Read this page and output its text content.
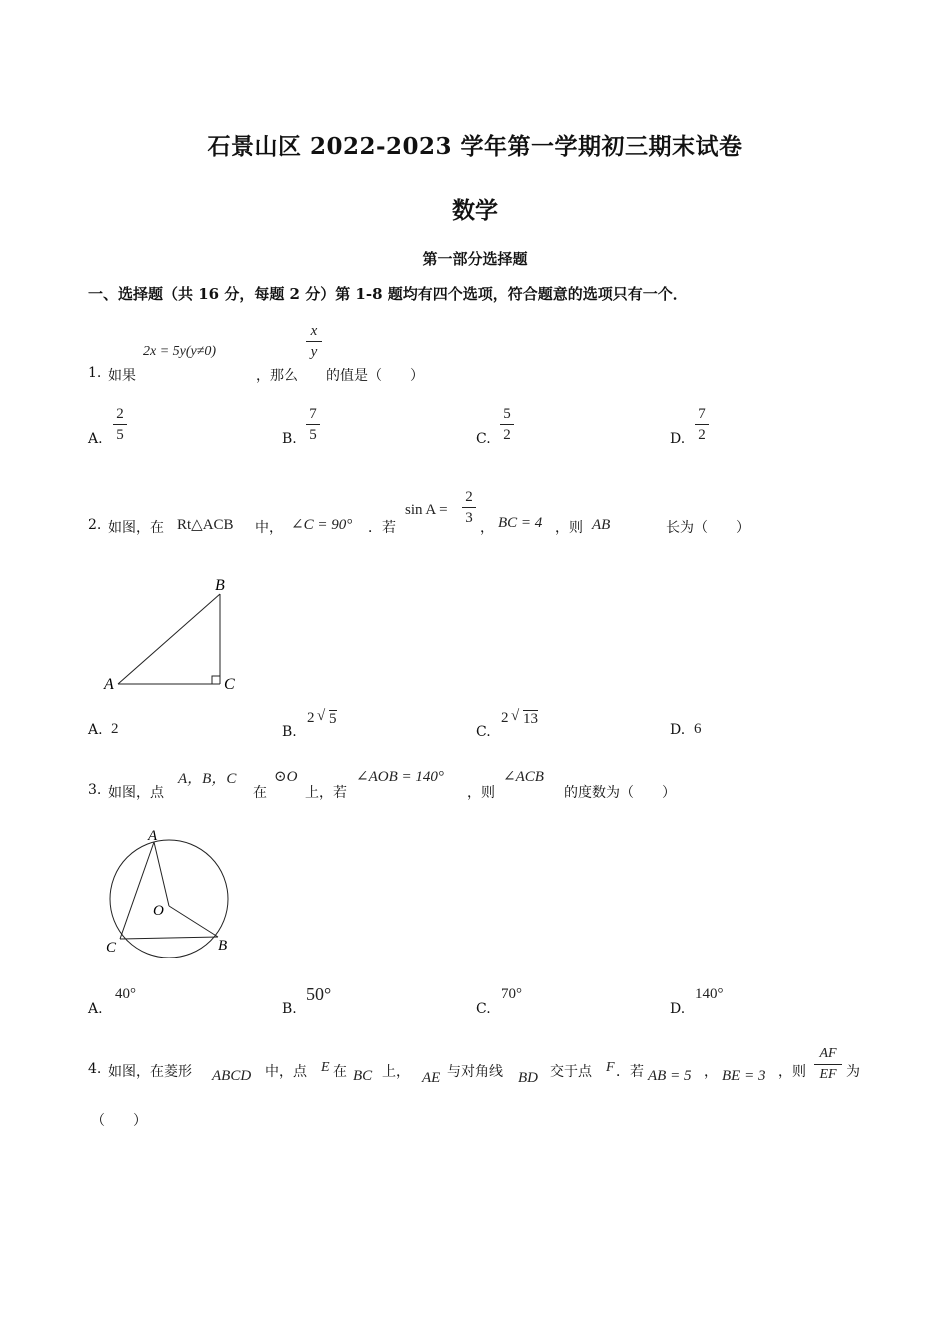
石景山区 2022-2023 学年第一学期初三期末试卷
数学
第一部分选择题
一、选择题（共 16 分，每题 2 分）第 1-8 题均有四个选项，符合题意的选项只有一个．
1. 如果
2x = 5y(y≠0)
，那么
x
y
的值是（　　）
A.
2
5	B.
7
5	C.
5
2	D.
7
2
2. 如图，在 Rt△ACB 中， ∠C = 90° ．若
sin A =
2
3
， BC = 4 ，则 AB	长为（　　）
A
B
C
A. 2	B.
2 √ 5
C.
2 √ 13
D. 6
3. 如图，点
A，B，C
在
⊙O
上，若
∠AOB = 140°
，则
∠ACB
的度数为（　　）
A
O
C	B
A.
40°
B.
50°
C.
70°
D.
140°
4. 如图，在菱形 ABCD 中，点 E 在 BC 上， AE 与对角线 BD 交于点 F ．若 AB = 5 ， BE = 3 ，则
AF
EF 为
（　　）
